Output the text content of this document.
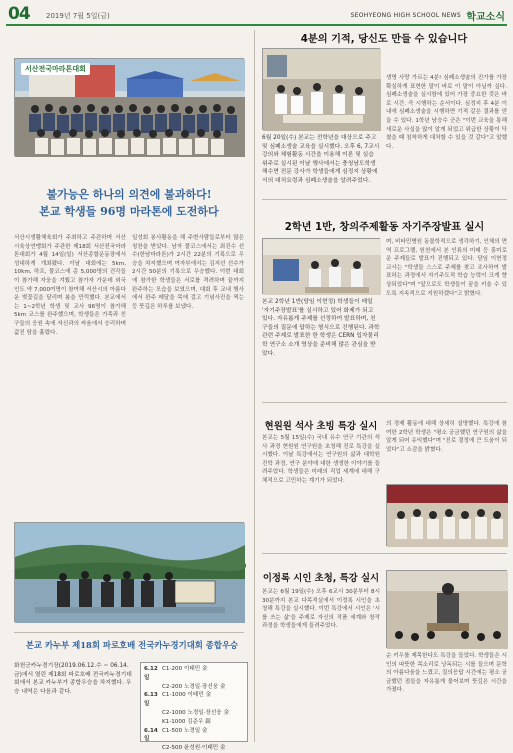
04 2019년 7월 5일(금)	SEOHYEONG HIGH SCHOOL NEWS 학교소식
서산전국마라톤대회
불가능은 하나의 의견에 불과하다!
본교 학생들 96명 마라톤에 도전하다
서산시생활체육회가 주최하고 주관하며 서산시육상연맹회가 주관한 제18회 서산전국마라톤대회가 4월 14일(일) 서산종합운동장에서 성대하게 개최됐다. 이날 대회에는 5km, 10km, 하프, 풀코스에 총 5,000명의 건각들이 참가해 자웅을 겨뤘고 참가자 가운데 외국인도 약 7,000여명이 참여해 서산시의 아름다운 벚꽃길을 달리며 봄을 만끽했다. 본교에서는 1~2학년 학생 및 교사 96명이 참가해 5km 코스를 완주했으며, 학생들은 가족과 친구들의 응원 속에 자신과의 싸움에서 승리하며 값진 땀을 흘렸다.
일성회 봉사활동을 해 주변사람들로부터 많은 칭찬을 받았다. 남자 풀코스에서는 최진수 선수(한남마라톤)가 2시간 22분의 기록으로 우승을 차지했으며 여자부에서는 김지선 선수가 2시간 50분의 기록으로 우승했다. 이번 대회에 참가한 학생들은 서로를 격려하며 끝까지 완주하는 모습을 보였으며, 대회 후 교내 행사에서 완주 메달을 목에 걸고 기념사진을 찍는 등 뜻깊은 하루를 보냈다.
본교 카누부 제18회 파로호배 전국카누경기대회 종합우승
화천군카누경기장(2019.06.12.수 ~ 06.14.금)에서 열린 제18회 파로호배 전국카누경기대회에서 본교 카누부가 종합우승을 차지했다. 우승 내역은 다음과 같다.
6.12일
C1-200 이태민 金
C2-200 노경일·장선웅 金
6.13일
C1-1000 이태민 金
C2-1000 노경일·장선웅 金
K1-1000 김준우 銀
6.14일
C1-500 노경일 金
C2-500 윤성원·이태민 金
4분의 기적, 당신도 만들 수 있습니다
6월 20일(수) 본교는 전학년을 대상으로 주고 및 심폐소생술 교육을 실시했다. 오후 6, 7교시 강의와 체험활동 시간을 이용해 이론 및 실습 위주로 실시된 이날 행사에서는 충청남도학생해수면 전문 강사가 학생들에게 심정지 상황에서의 대처요령과 심폐소생술을 알려주었다.
생명 사랑 가르는 4분! 심폐소생술의 진가를 가장 확실하게 표현한 말이 바로 이 말이 아닐까 싶다. 심폐소생술을 실시함에 있어 가장 중요한 것은 바로 시간. 즉 시행하는 순서이다. 심정지 후 4분 이내에 심폐소생술을 시행하면 기적 같은 결과를 얻을 수 있다. 1학년 남승수 군은 "이번 교육을 통해 새로운 사실을 많이 알게 되었고 위급한 상황이 닥쳤을 때 침착하게 대처할 수 있을 것 같다"고 말했다.
2학년 1반, 창의주제활동 자기주장발표 실시
본교 2학년 1반(담임 이현정) 학생들이 매일 '자기주장발표'를 실시하고 있어 화제가 되고 있다. 자유롭게 주제를 선정하여 발표하며, 친구들의 질문에 답하는 형식으로 진행된다. 과학 관련 주제로 발표한 한 학생은 CERN 입자물리학 연구소 소개 영상을 준비해 많은 관심을 받았다.
며, 비타민병원 동물학적으로 생각하기, 인체의 면역 프로그램, 원천에서 본 인류의 미래 등 흥미로운 주제들로 발표가 진행되고 있다. 담임 이현정 교사는 "학생들 스스로 주제를 찾고 조사하여 발표하는 과정에서 자기주도적 학습 능력이 크게 향상되었다"며 "앞으로도 학생들이 꿈을 키울 수 있도록 지속적으로 지원하겠다"고 밝혔다.
현원원 석사 초빙 특강 실시
본교는 5월 15일(수) 국내 유수 연구 기관의 석사 과정 현원원 연구원을 초청해 진로 특강을 실시했다. 이날 특강에서는 연구원의 삶과 대학원 진학 과정, 연구 분야에 대한 생생한 이야기를 들려주었다. 학생들은 미래의 직업 세계에 대해 구체적으로 고민하는 계기가 되었다.
의 경제 활동에 대해 상세히 설명했다. 특강에 참여한 2학년 학생은 "평소 궁금했던 연구원의 삶을 알게 되어 유익했다"며 "진로 결정에 큰 도움이 되었다"고 소감을 밝혔다.
이정록 시인 초청, 특강 실시
본교는 6월 19일(수) 오후 6교시 30분부터 8시 30분까지 본교 다목적실에서 이정록 시인을 초청해 특강을 실시했다. 이번 특강에서 시인은 '시를 쓰는 삶'을 주제로 자신의 작품 세계와 창작 과정을 학생들에게 들려주었다.
순 키우를 제목한다도 특강을 들었다. 학생들은 시인의 따뜻한 목소리로 낭독되는 시를 들으며 문학의 아름다움을 느꼈고, 질의응답 시간에는 평소 궁금했던 점들을 자유롭게 물어보며 뜻깊은 시간을 가졌다.
